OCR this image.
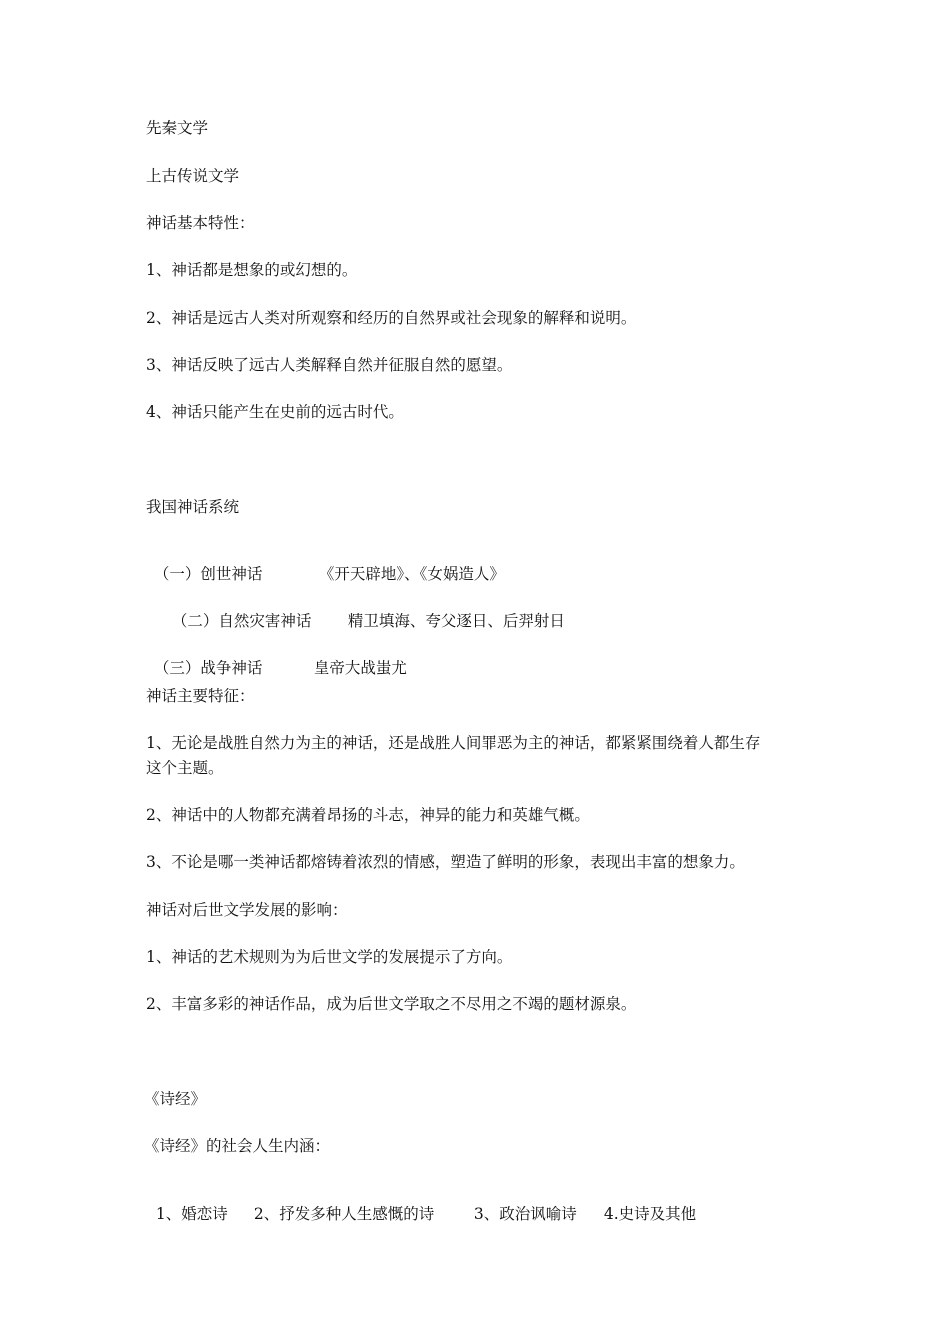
先秦文学

上古传说文学

神话基本特性：

1、神话都是想象的或幻想的。

2、神话是远古人类对所观察和经历的自然界或社会现象的解释和说明。

3、神话反映了远古人类解释自然并征服自然的愿望。

4、神话只能产生在史前的远古时代。

我国神话系统

（一）创世神话	《开天辟地》、《女娲造人》

（二）自然灾害神话 精卫填海、夸父逐日、后羿射日

（三）战争神话	皇帝大战蚩尤

神话主要特征：

1、无论是战胜自然力为主的神话，还是战胜人间罪恶为主的神话，都紧紧围绕着人都生存

这个主题。

2、神话中的人物都充满着昂扬的斗志，神异的能力和英雄气概。

3、不论是哪一类神话都熔铸着浓烈的情感，塑造了鲜明的形象，表现出丰富的想象力。

神话对后世文学发展的影响：

1、神话的艺术规则为为后世文学的发展提示了方向。

2、丰富多彩的神话作品，成为后世文学取之不尽用之不竭的题材源泉。

《诗经》

《诗经》的社会人生内涵：

1、婚恋诗 2、抒发多种人生感慨的诗	3、政治讽喻诗 4.史诗及其他
